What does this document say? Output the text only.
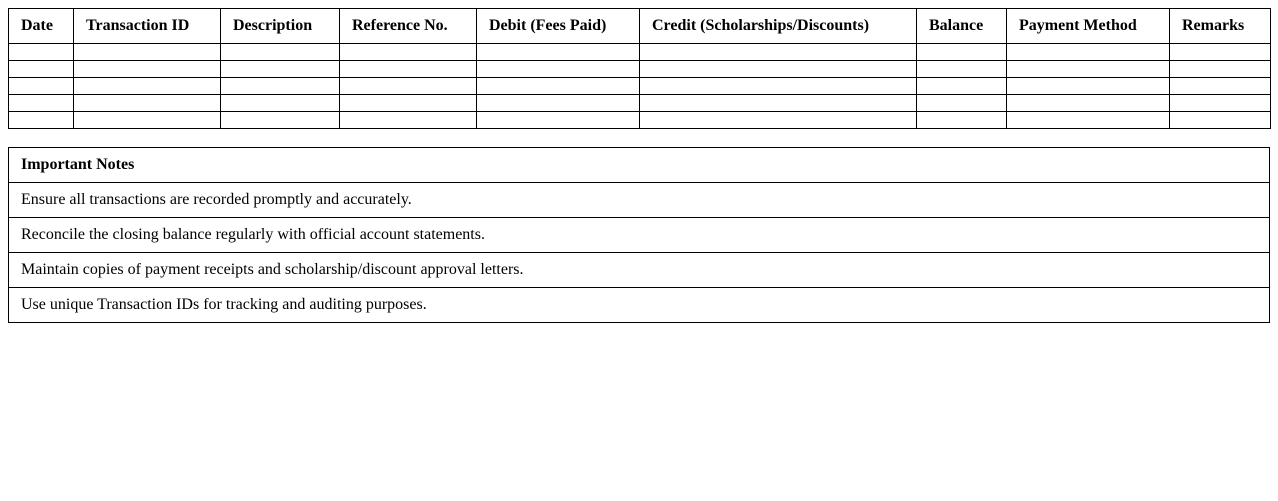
Date	Transaction ID	Description	Reference No.	Debit (Fees Paid)	Credit (Scholarships/Discounts)	Balance	Payment Method	Remarks

Important Notes
Ensure all transactions are recorded promptly and accurately.
Reconcile the closing balance regularly with official account statements.
Maintain copies of payment receipts and scholarship/discount approval letters.
Use unique Transaction IDs for tracking and auditing purposes.
